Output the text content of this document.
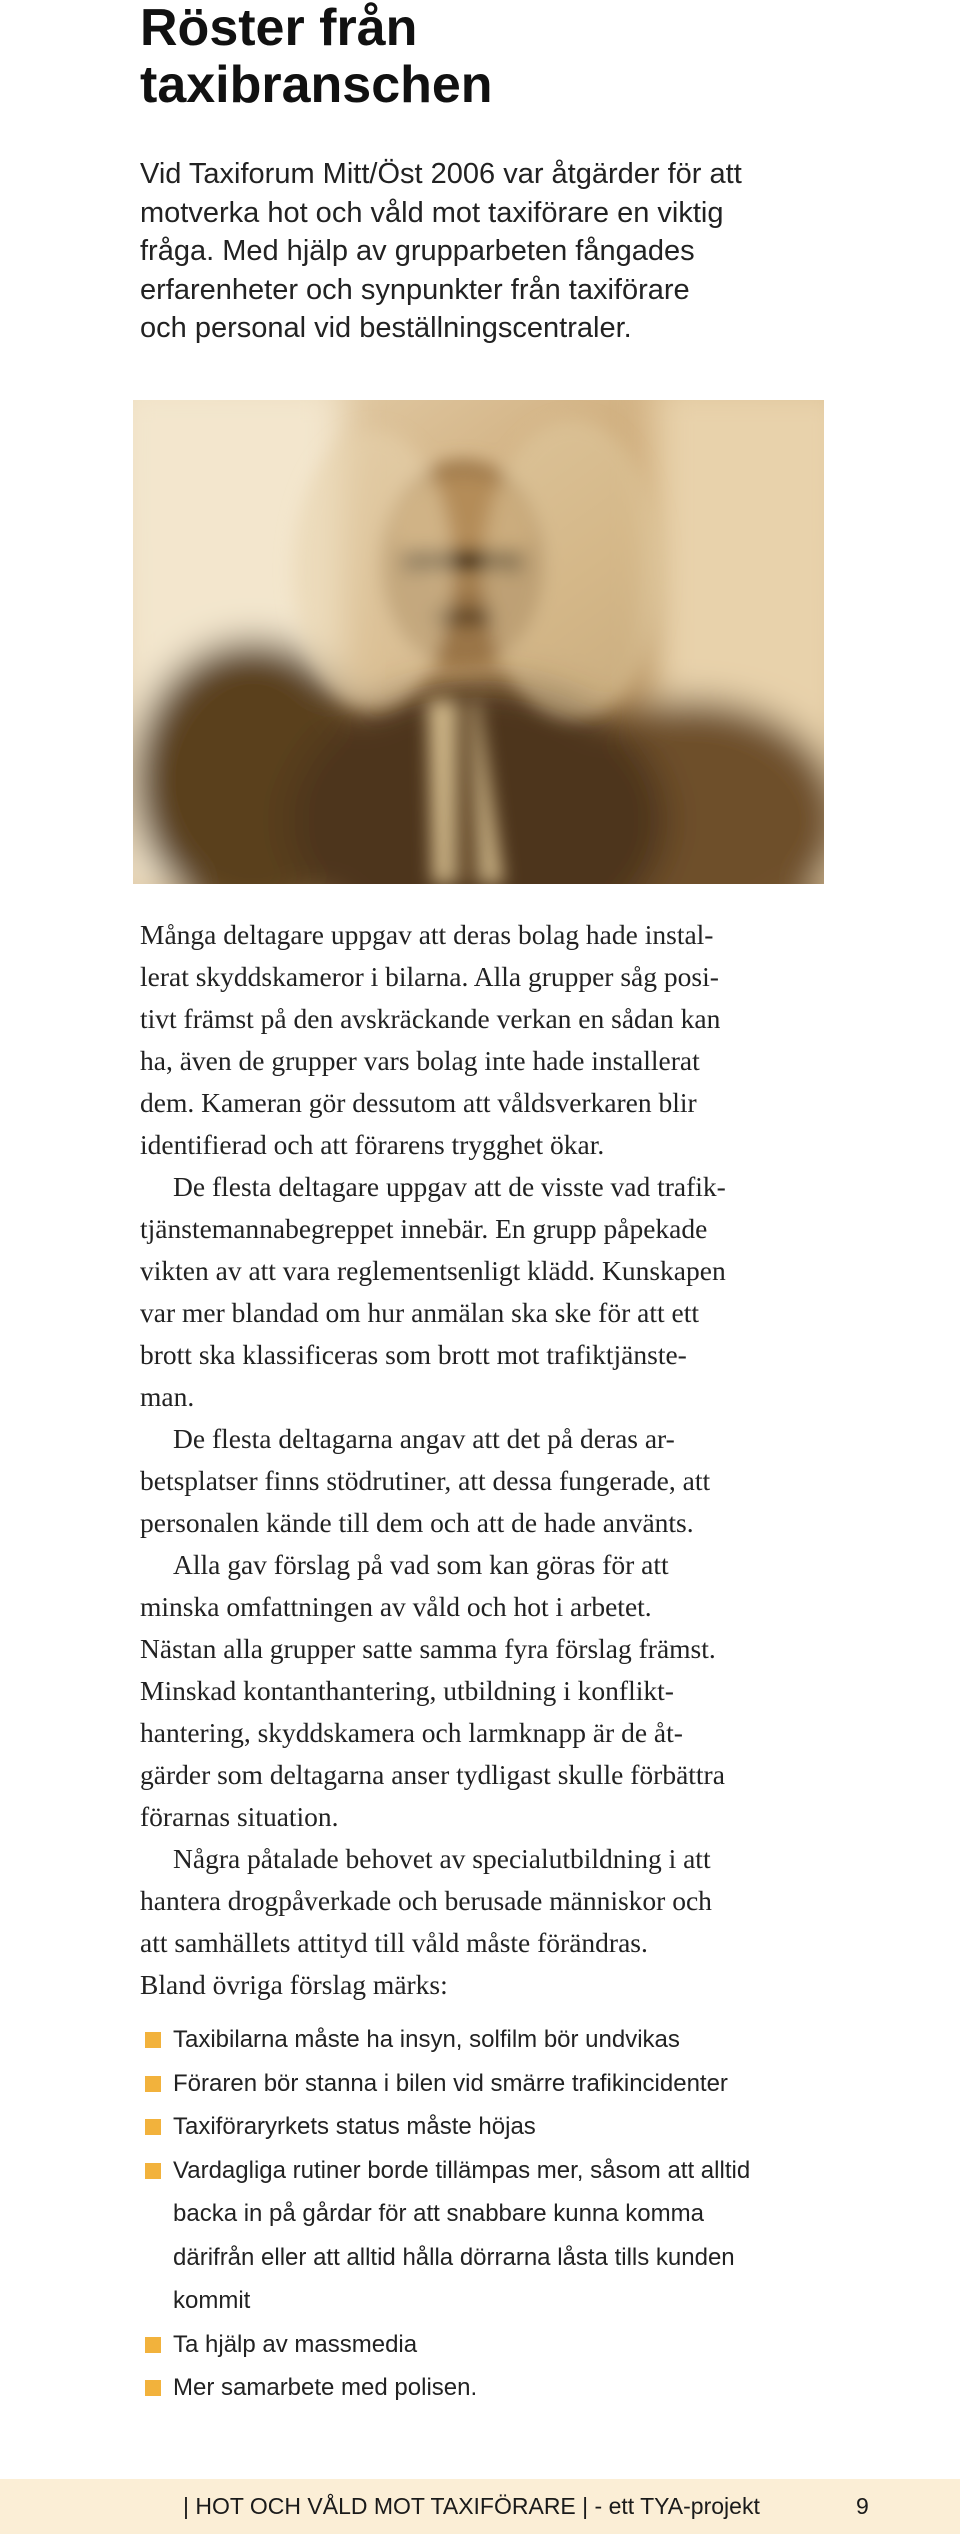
Röster från
taxibranschen

Vid Taxiforum Mitt/Öst 2006 var åtgärder för att
motverka hot och våld mot taxiförare en viktig
fråga. Med hjälp av grupparbeten fångades
erfarenheter och synpunkter från taxiförare
och personal vid beställningscentraler.

Många deltagare uppgav att deras bolag hade instal-
lerat skyddskameror i bilarna. Alla grupper såg posi-
tivt främst på den avskräckande verkan en sådan kan
ha, även de grupper vars bolag inte hade installerat
dem. Kameran gör dessutom att våldsverkaren blir
identifierad och att förarens trygghet ökar.

De flesta deltagare uppgav att de visste vad trafik-
tjänstemannabegreppet innebär. En grupp påpekade
vikten av att vara reglementsenligt klädd. Kunskapen
var mer blandad om hur anmälan ska ske för att ett
brott ska klassificeras som brott mot trafiktjänste-
man.

De flesta deltagarna angav att det på deras ar-
betsplatser finns stödrutiner, att dessa fungerade, att
personalen kände till dem och att de hade använts.

Alla gav förslag på vad som kan göras för att
minska omfattningen av våld och hot i arbetet.
Nästan alla grupper satte samma fyra förslag främst.
Minskad kontanthantering, utbildning i konflikt-
hantering, skyddskamera och larmknapp är de åt-
gärder som deltagarna anser tydligast skulle förbättra
förarnas situation.

Några påtalade behovet av specialutbildning i att
hantera drogpåverkade och berusade människor och
att samhällets attityd till våld måste förändras.
Bland övriga förslag märks:

Taxibilarna måste ha insyn, solfilm bör undvikas
Föraren bör stanna i bilen vid smärre trafikincidenter
Taxiföraryrkets status måste höjas
Vardagliga rutiner borde tillämpas mer, såsom att alltid
backa in på gårdar för att snabbare kunna komma
därifrån eller att alltid hålla dörrarna låsta tills kunden
kommit
Ta hjälp av massmedia
Mer samarbete med polisen.
| HOT OCH VÅLD MOT TAXIFÖRARE | - ett TYA-projekt	9
